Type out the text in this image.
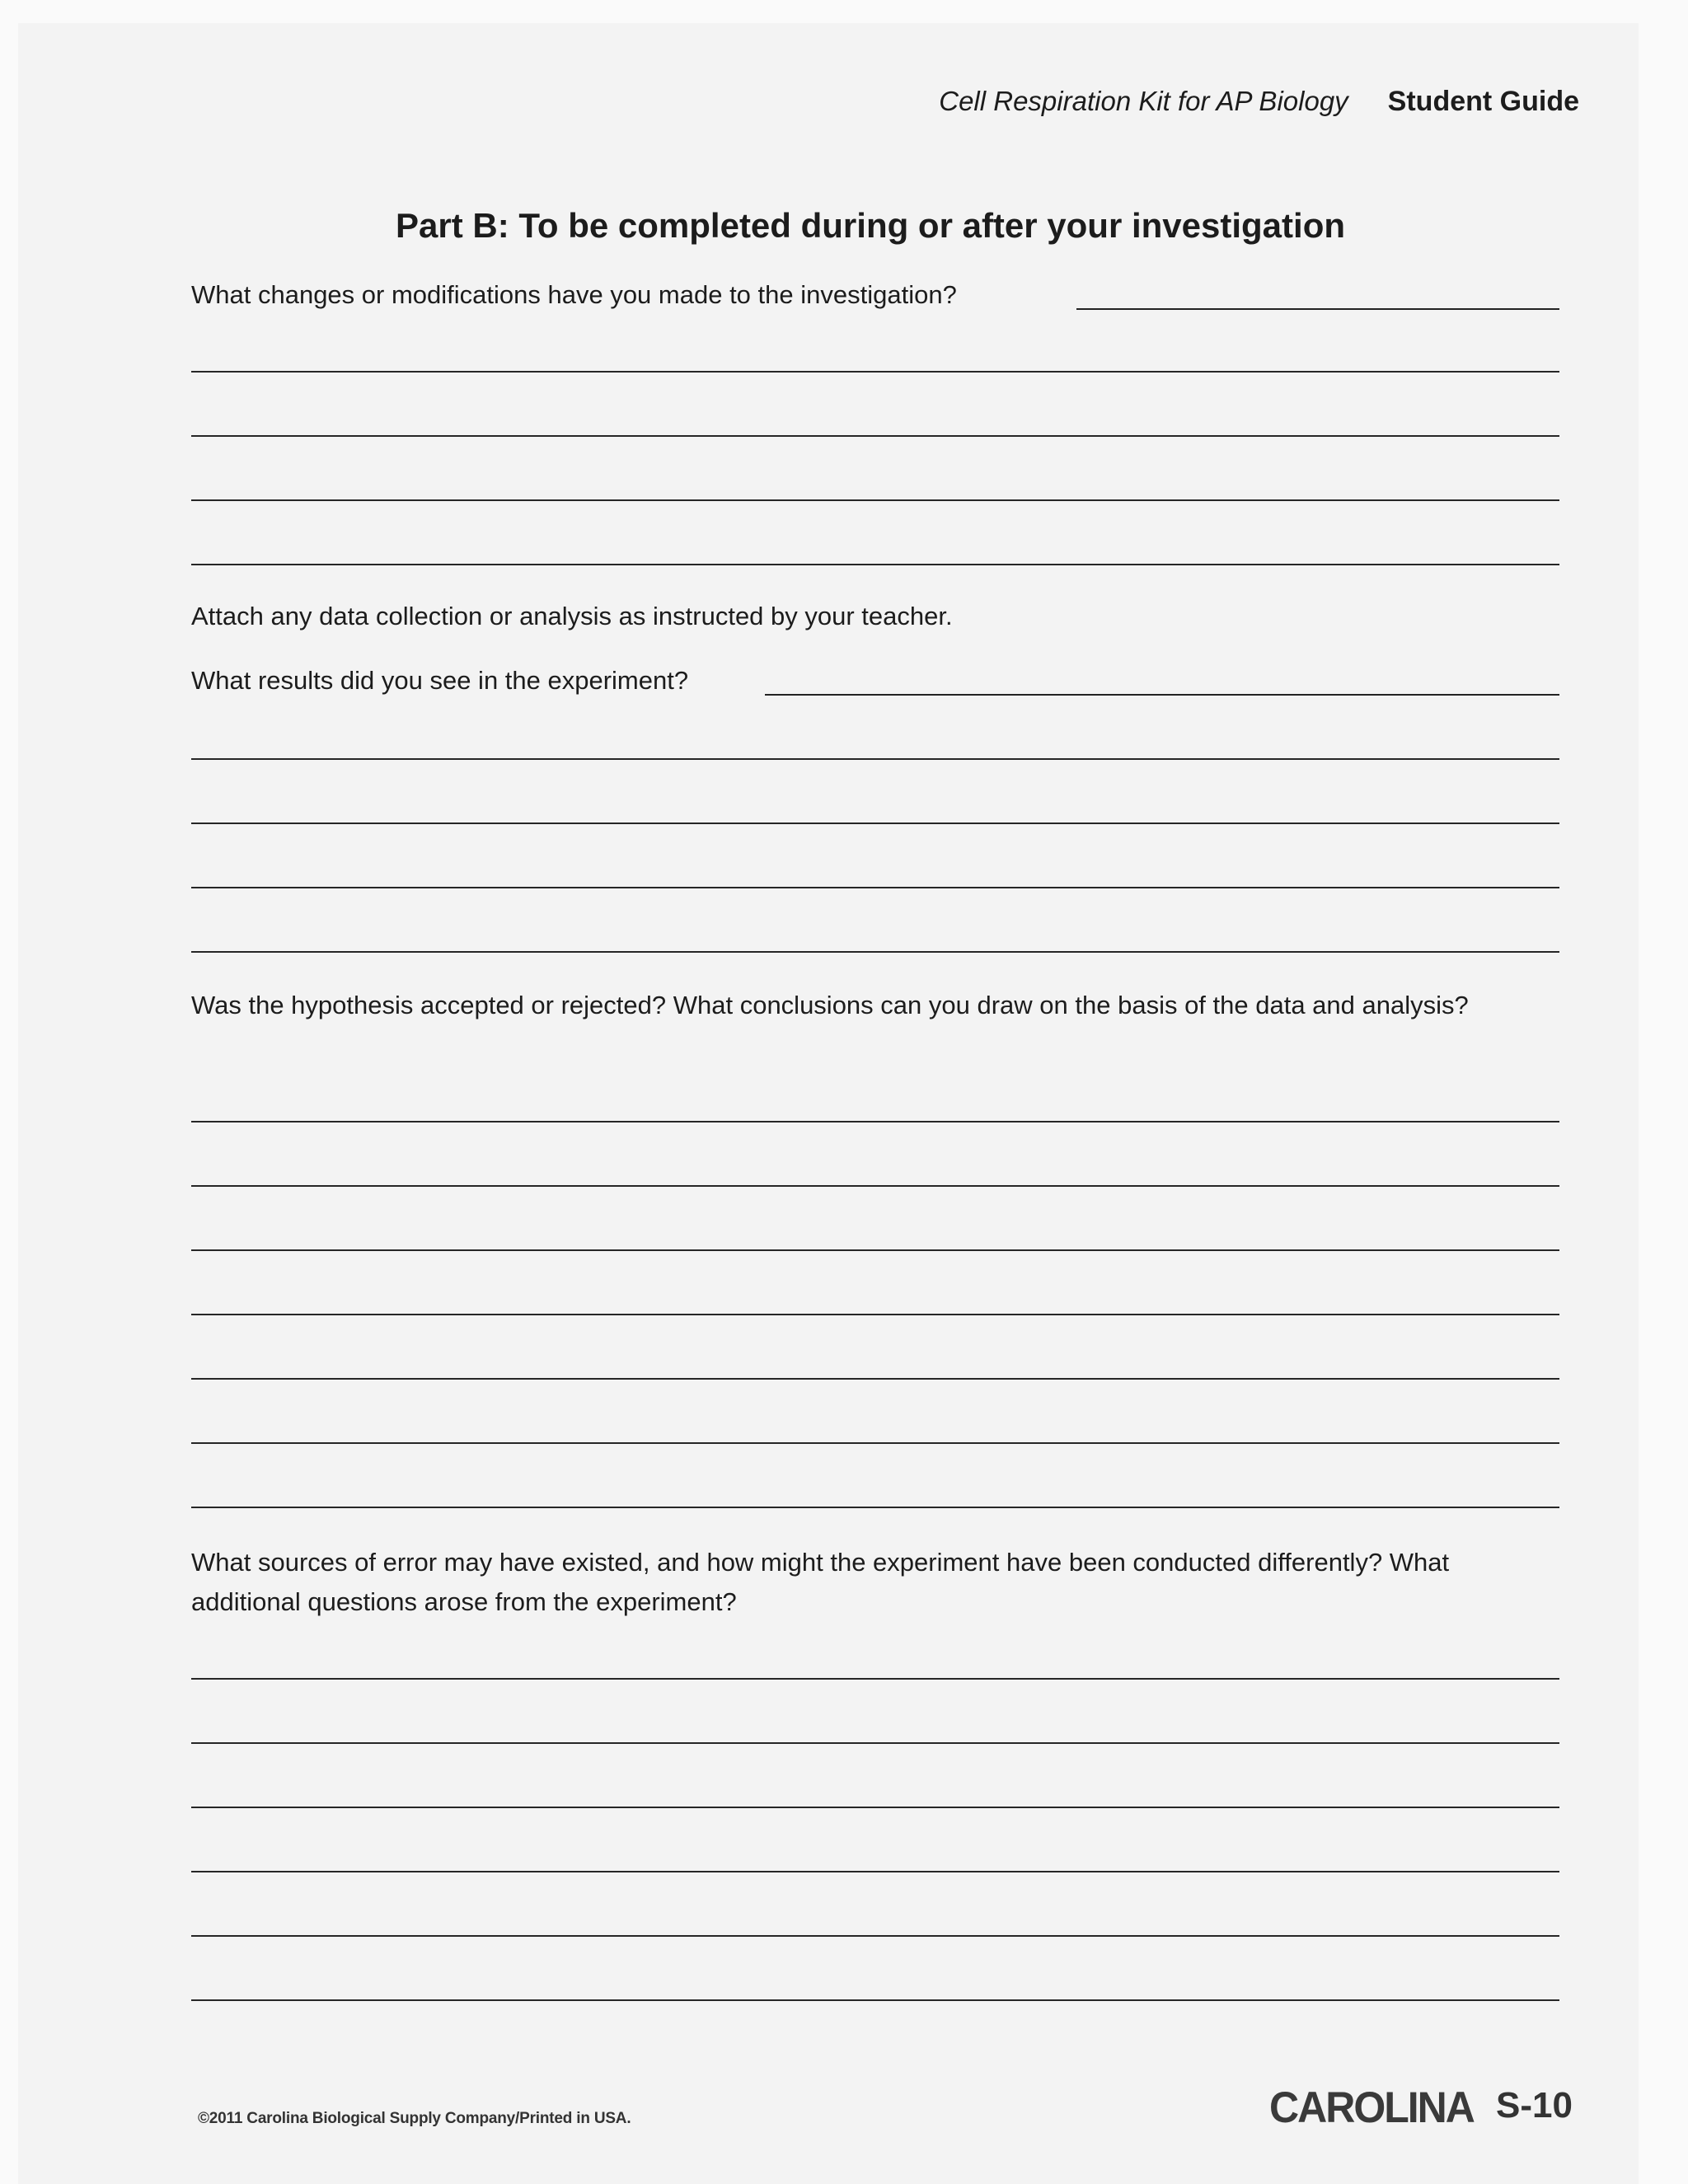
Cell Respiration Kit for AP Biology Student Guide
Part B: To be completed during or after your investigation
What changes or modifications have you made to the investigation?
Attach any data collection or analysis as instructed by your teacher.
What results did you see in the experiment?
Was the hypothesis accepted or rejected? What conclusions can you draw on the basis of the data and analysis?
What sources of error may have existed, and how might the experiment have been conducted differently? What additional questions arose from the experiment?
©2011 Carolina Biological Supply Company/Printed in USA.	CAROLINA S-10
